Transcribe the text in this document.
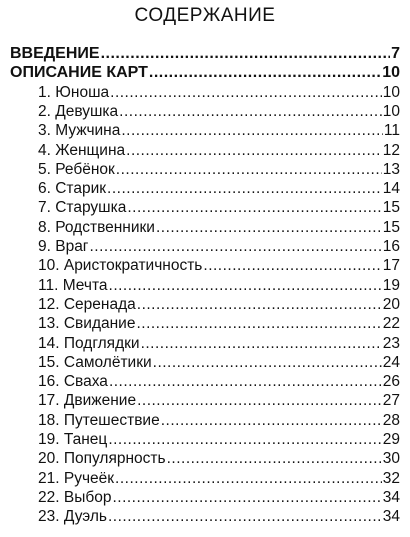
СОДЕРЖАНИЕ
ВВЕДЕНИЕ .....	7
ОПИСАНИЕ КАРТ .....	10
1. Юноша .....	10
2. Девушка .....	10
3. Мужчина .....	11
4. Женщина .....	12
5. Ребёнок .....	13
6. Старик .....	14
7. Старушка .....	15
8. Родственники .....	15
9. Враг .....	16
10. Аристократичность .....	17
11. Мечта .....	19
12. Серенада .....	20
13. Свидание .....	22
14. Подглядки .....	23
15. Самолётики .....	24
16. Сваха .....	26
17. Движение .....	27
18. Путешествие .....	28
19. Танец .....	29
20. Популярность .....	30
21. Ручеёк .....	32
22. Выбор .....	34
23. Дуэль .....	34
